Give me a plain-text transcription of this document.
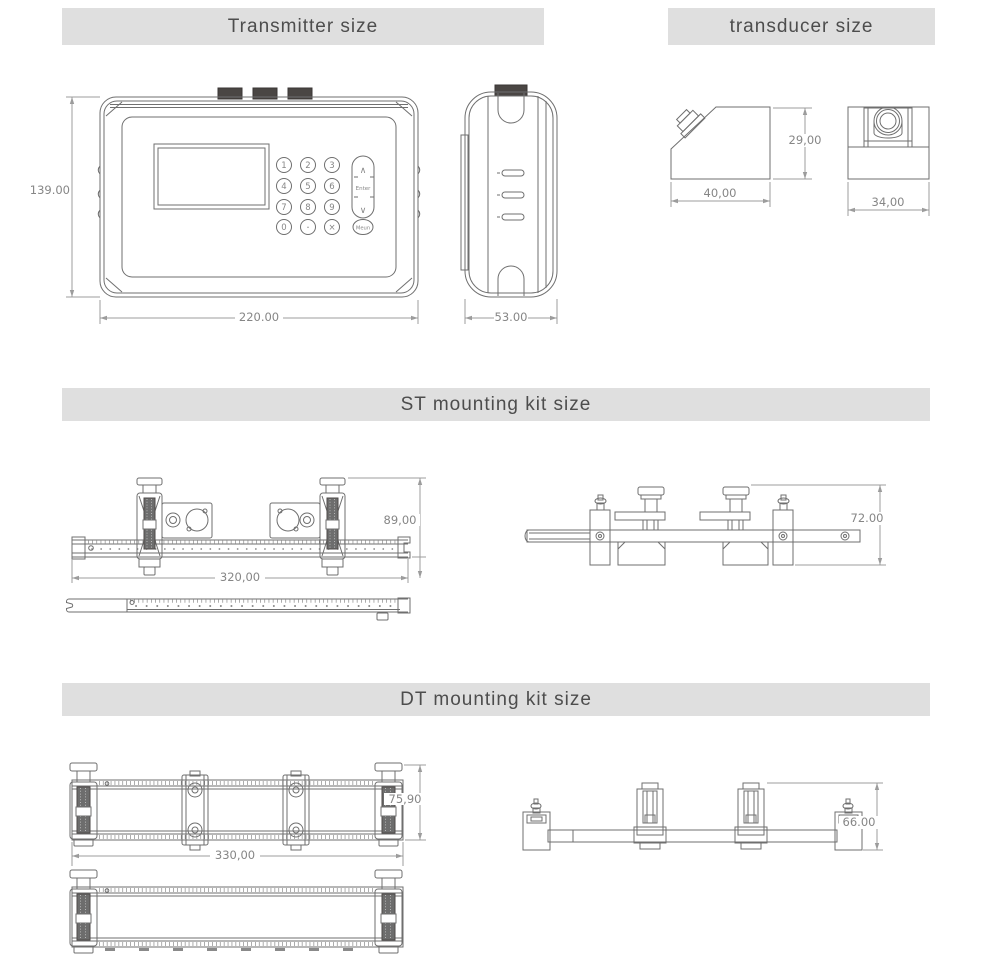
Transmitter size	transducer size
ST mounting kit size
DT mounting kit size
1 2 3
4 5 6
7 8 9
0 · ×
∧
Enter
∨
Meun
139.00
220.00	53.00
29,00
40,00
34,00
320,00
89,00	72.00
330,00
75,90
66.00
